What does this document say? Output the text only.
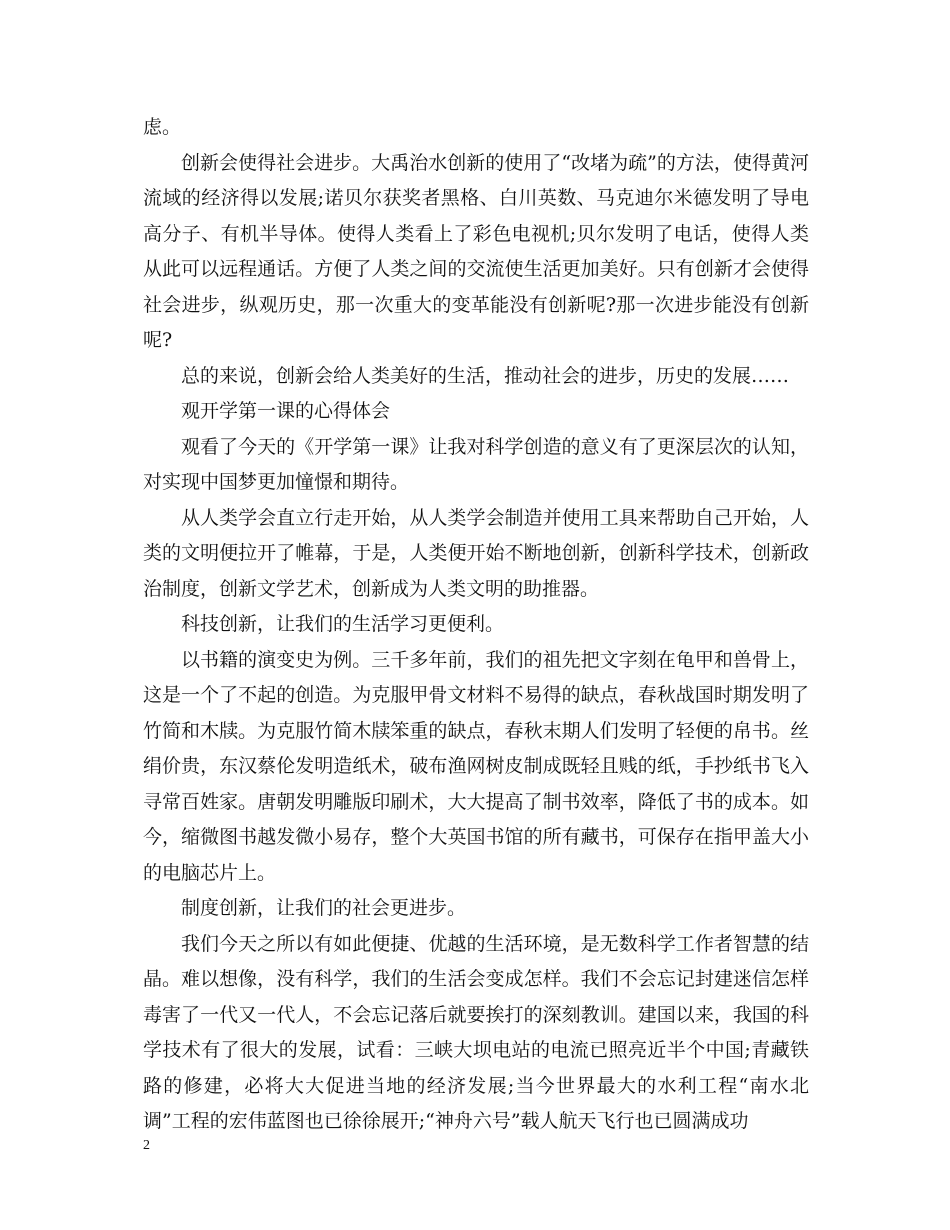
虑。

创新会使得社会进步。大禹治水创新的使用了“改堵为疏”的方法，使得黄河流域的经济得以发展;诺贝尔获奖者黑格、白川英数、马克迪尔米德发明了导电高分子、有机半导体。使得人类看上了彩色电视机;贝尔发明了电话，使得人类从此可以远程通话。方便了人类之间的交流使生活更加美好。只有创新才会使得社会进步，纵观历史，那一次重大的变革能没有创新呢?那一次进步能没有创新呢?

总的来说，创新会给人类美好的生活，推动社会的进步，历史的发展……

观开学第一课的心得体会

观看了今天的《开学第一课》让我对科学创造的意义有了更深层次的认知，对实现中国梦更加憧憬和期待。

从人类学会直立行走开始，从人类学会制造并使用工具来帮助自己开始，人类的文明便拉开了帷幕，于是，人类便开始不断地创新，创新科学技术，创新政治制度，创新文学艺术，创新成为人类文明的助推器。

科技创新，让我们的生活学习更便利。

以书籍的演变史为例。三千多年前，我们的祖先把文字刻在龟甲和兽骨上，这是一个了不起的创造。为克服甲骨文材料不易得的缺点，春秋战国时期发明了竹简和木牍。为克服竹简木牍笨重的缺点，春秋末期人们发明了轻便的帛书。丝绢价贵，东汉蔡伦发明造纸术，破布渔网树皮制成既轻且贱的纸，手抄纸书飞入寻常百姓家。唐朝发明雕版印刷术，大大提高了制书效率，降低了书的成本。如今，缩微图书越发微小易存，整个大英国书馆的所有藏书，可保存在指甲盖大小的电脑芯片上。

制度创新，让我们的社会更进步。

我们今天之所以有如此便捷、优越的生活环境，是无数科学工作者智慧的结晶。难以想像，没有科学，我们的生活会变成怎样。我们不会忘记封建迷信怎样毒害了一代又一代人，不会忘记落后就要挨打的深刻教训。建国以来，我国的科学技术有了很大的发展，试看：三峡大坝电站的电流已照亮近半个中国;青藏铁路的修建，必将大大促进当地的经济发展;当今世界最大的水利工程“南水北调”工程的宏伟蓝图也已徐徐展开;“神舟六号”载人航天飞行也已圆满成功

2
